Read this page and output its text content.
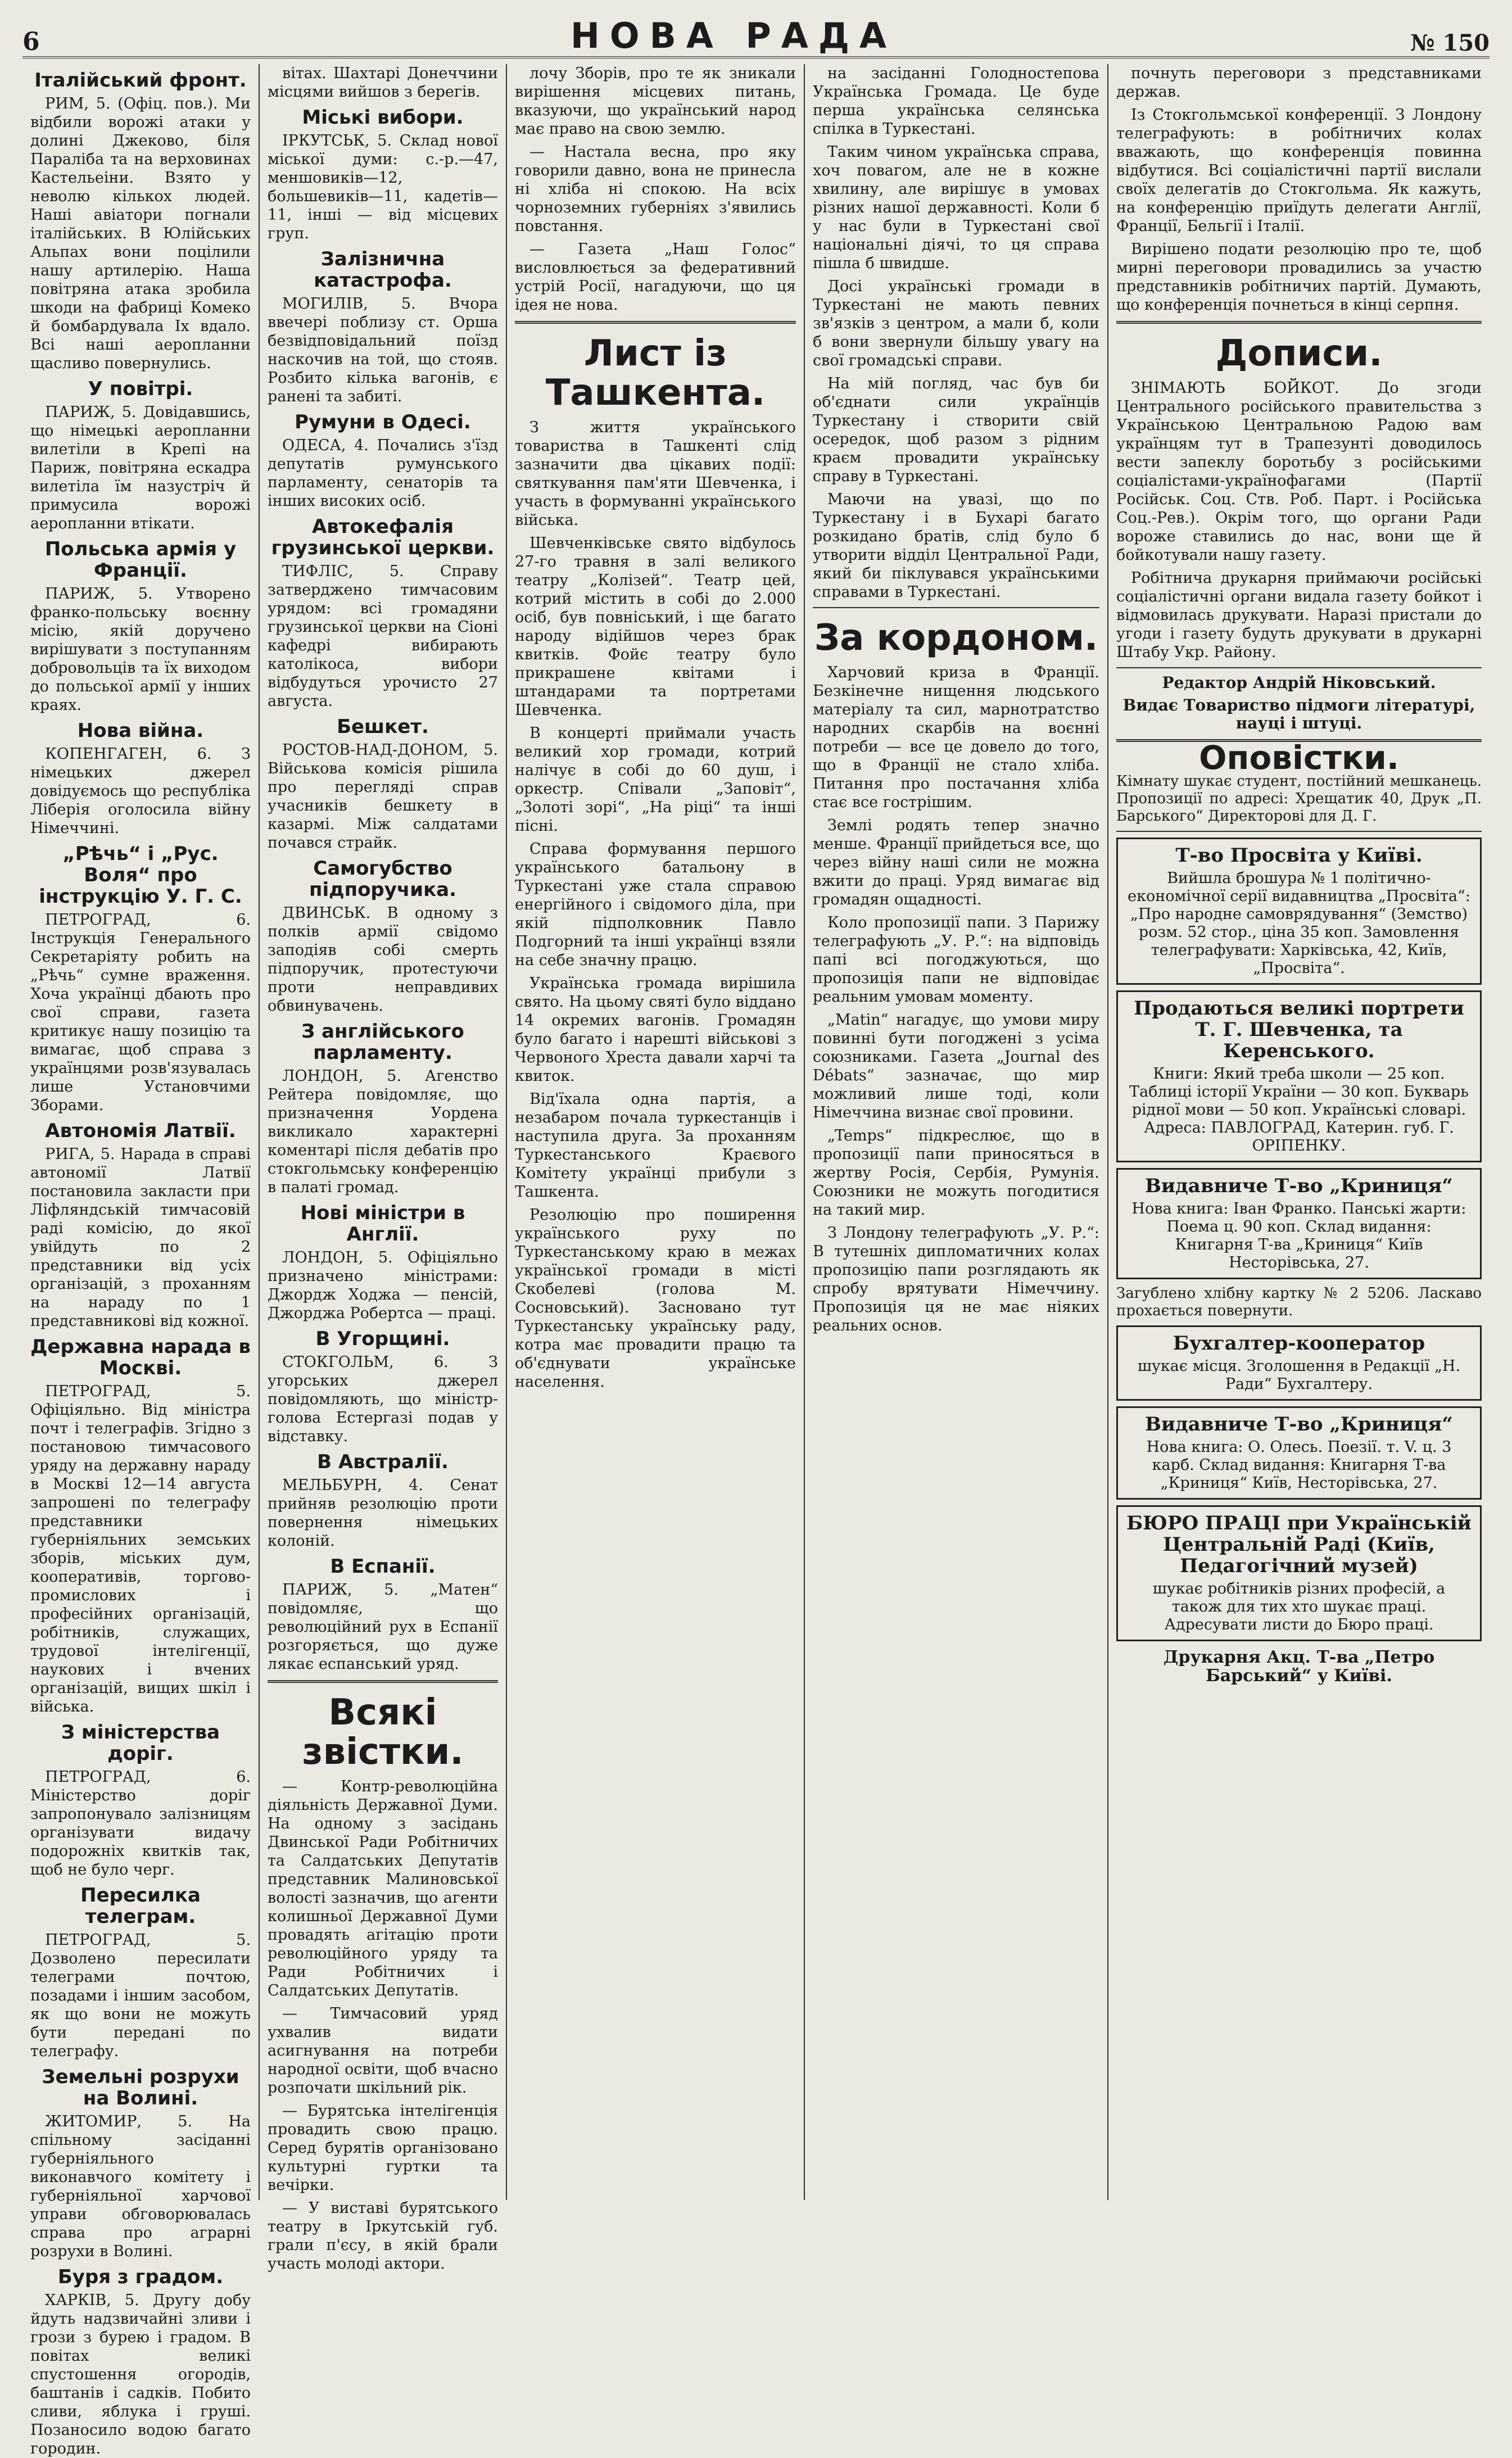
6	НОВА РАДА	№ 150
Італійський фронт.

РИМ, 5. (Офіц. пов.). Ми відбили ворожі атаки у долині Джеково, біля Параліба та на верховинах Кастельеіни. Взято у неволю кількох людей. Наші авіатори погнали італійських. В Юлійських Альпах вони поцілили нашу артилерію. Наша повітряна атака зробила шкоди на фабриці Комеко й бомбардувала Іх вдало. Всі наші аеропланни щасливо повернулись.

У повітрі.

ПАРИЖ, 5. Довідавшись, що німецькі аеропланни вилетіли в Крепі на Париж, повітряна ескадра вилетіла їм назустріч й примусила ворожі аеропланни втікати.

Польська армія у Франції.

ПАРИЖ, 5. Утворено франко-польську воєнну місію, якій доручено вирішувати з поступанням добровольців та їх виходом до польської армії у інших краях.

Нова війна.

КОПЕНГАГЕН, 6. З німецьких джерел довідуємось що республіка Ліберія оголосила війну Німеччині.

„Рѣчь“ і „Рус. Воля“ про інструкцію У. Г. С.

ПЕТРОГРАД, 6. Інструкція Генерального Секретаріяту робить на „Рѣчь“ сумне враження. Хоча українці дбають про свої справи, газета критикує нашу позицію та вимагає, щоб справа з українцями розв'язувалась лише Установчими Зборами.

Автономія Латвії.

РИГА, 5. Нарада в справі автономії Латвії постановила закласти при Ліфляндській тимчасовій раді комісію, до якої увійдуть по 2 представники від усіх організацій, з проханням на нараду по 1 представникові від кожної.

Державна нарада в Москві.

ПЕТРОГРАД, 5. Офіціяльно. Від міністра почт і телеграфів. Згідно з постановою тимчасового уряду на державну нараду в Москві 12—14 августа запрошені по телеграфу представники губерніяльних земських зборів, міських дум, кооперативів, торгово-промислових і професійних організацій, робітників, служащих, трудової інтелігенції, наукових і вчених організацій, вищих шкіл і війська.

З міністерства доріг.

ПЕТРОГРАД, 6. Міністерство доріг запропонувало залізницям організувати видачу подорожніх квитків так, щоб не було черг.

Пересилка телеграм.

ПЕТРОГРАД, 5. Дозволено пересилати телеграми почтою, позадами і іншим засобом, як що вони не можуть бути передані по телеграфу.

Земельні розрухи на Волині.

ЖИТОМИР, 5. На спільному засіданні губерніяльного виконавчого комітету і губерніяльної харчової управи обговорювалась справа про аграрні розрухи в Волині.

Буря з градом.

ХАРКІВ, 5. Другу добу йдуть надзвичайні зливи і грози з бурею і градом. В повітах великі спустошення огородів, баштанів і садків. Побито сливи, яблука і груші. Позаносило водою багато городин.

вітах. Шахтарі Донеччини місцями вийшов з берегів.

Міські вибори.

ІРКУТСЬК, 5. Склад нової міської думи: с.-р.—47, меншовиків—12, большевиків—11, кадетів—11, інші — від місцевих груп.

Залізнична катастрофа.

МОГИЛІВ, 5. Вчора ввечері поблизу ст. Орша безвідповідальний поїзд наскочив на той, що стояв. Розбито кілька вагонів, є ранені та забиті.

Румуни в Одесі.

ОДЕСА, 4. Почались з'їзд депутатів румунського парламенту, сенаторів та інших високих осіб.

Автокефалія грузинської церкви.

ТИФЛІС, 5. Справу затверджено тимчасовим урядом: всі громадяни грузинської церкви на Сіоні кафедрі вибирають католікоса, вибори відбудуться урочисто 27 августа.

Бешкет.

РОСТОВ-НАД-ДОНОМ, 5. Військова комісія рішила про перегляді справ учасників бешкету в казармі. Між салдатами почався страйк.

Самогубство підпоручика.

ДВИНСЬК. В одному з полків армії свідомо заподіяв собі смерть підпоручик, протестуючи проти неправдивих обвинувачень.

З англійського парламенту.

ЛОНДОН, 5. Агенство Рейтера повідомляє, що призначення Уордена викликало характерні коментарі після дебатів про стокгольмську конференцію в палаті громад.

Нові міністри в Англії.

ЛОНДОН, 5. Офіціяльно призначено міністрами: Джордж Ходжа — пенсій, Джорджа Робертса — праці.

В Угорщині.

СТОКГОЛЬМ, 6. З угорських джерел повідомляють, що міністр-голова Естергазі подав у відставку.

В Австралії.

МЕЛЬБУРН, 4. Сенат прийняв резолюцію проти повернення німецьких колоній.

В Еспанії.

ПАРИЖ, 5. „Матен“ повідомляє, що революційний рух в Еспанії розгоряється, що дуже лякає еспанський уряд.

Всякі звістки.

— Контр-революційна діяльність Державної Думи. На одному з засідань Двинської Ради Робітничих та Салдатських Депутатів представник Малиновської волості зазначив, що агенти колишньої Державної Думи провадять агітацію проти революційного уряду та Ради Робітничих і Салдатських Депутатів.

— Тимчасовий уряд ухвалив видати асигнування на потреби народної освіти, щоб вчасно розпочати шкільний рік.

— Бурятська інтелігенція провадить свою працю. Серед бурятів організовано культурні гуртки та вечірки.

— У виставі бурятського театру в Іркутській губ. грали п'єсу, в якій брали участь молоді актори.

лочу Зборів, про те як зникали вирішення місцевих питань, вказуючи, що український народ має право на свою землю.

— Настала весна, про яку говорили давно, вона не принесла ні хліба ні спокою. На всіх чорноземних губерніях з'явились повстання.

— Газета „Наш Голос“ висловлюється за федеративний устрій Росії, нагадуючи, що ця ідея не нова.

Лист із Ташкента.

З життя українського товариства в Ташкенті слід зазначити два цікавих події: святкування пам'яти Шевченка, і участь в формуванні українського війська.

Шевченківське свято відбулось 27-го травня в залі великого театру „Колізей“. Театр цей, котрий містить в собі до 2.000 осіб, був повніський, і ще багато народу відійшов через брак квитків. Фойє театру було прикрашене квітами і штандарами та портретами Шевченка.

В концерті приймали участь великий хор громади, котрий налічує в собі до 60 душ, і оркестр. Співали „Заповіт“, „Золоті зорі“, „На ріці“ та інші пісні.

Справа формування першого українського батальону в Туркестані уже стала справою енергійного і свідомого діла, при якій підполковник Павло Подгорний та інші українці взяли на себе значну працю.

Українська громада вирішила свято. На цьому святі було віддано 14 окремих вагонів. Громадян було багато і нарешті військові з Червоного Хреста давали харчі та квиток.

Від'їхала одна партія, а незабаром почала туркестанців і наступила друга. За проханням Туркестанського Краєвого Комітету українці прибули з Ташкента.

Резолюцію про поширення українського руху по Туркестанському краю в межах української громади в місті Скобелеві (голова М. Сосновський). Засновано тут Туркестанську українську раду, котра має провадити працю та об'єднувати українське населення.

на засіданні Голодностепова Українська Громада. Це буде перша українська селянська спілка в Туркестані.

Таким чином українська справа, хоч повагом, але не в кожне хвилину, але вирішує в умовах різних нашої державності. Коли б у нас були в Туркестані свої національні діячі, то ця справа пішла б швидше.

Досі українські громади в Туркестані не мають певних зв'язків з центром, а мали б, коли б вони звернули більшу увагу на свої громадські справи.

На мій погляд, час був би об'єднати сили українців Туркестану і створити свій осередок, щоб разом з рідним краєм провадити українську справу в Туркестані.

Маючи на увазі, що по Туркестану і в Бухарі багато розкидано братів, слід було б утворити відділ Центральної Ради, який би піклувався українськими справами в Туркестані.

За кордоном.

Харчовий криза в Франції. Безкінечне нищення людського матеріалу та сил, марнотратство народних скарбів на воєнні потреби — все це довело до того, що в Франції не стало хліба. Питання про постачання хліба стає все гострішим.

Землі родять тепер значно менше. Франції прийдеться все, що через війну наші сили не можна вжити до праці. Уряд вимагає від громадян ощадності.

Коло пропозиції папи. З Парижу телеграфують „У. Р.“: на відповідь папі всі погоджуються, що пропозиція папи не відповідає реальним умовам моменту.

„Matin“ нагадує, що умови миру повинні бути погоджені з усіма союзниками. Газета „Journal des Débats“ зазначає, що мир можливий лише тоді, коли Німеччина визнає свої провини.

„Temps“ підкреслює, що в пропозиції папи приносяться в жертву Росія, Сербія, Румунія. Союзники не можуть погодитися на такий мир.

З Лондону телеграфують „У. Р.“: В тутешніх дипломатичних колах пропозицію папи розглядають як спробу врятувати Німеччину. Пропозиція ця не має ніяких реальних основ.

почнуть переговори з представниками держав.

Із Стокгольмської конференції. З Лондону телеграфують: в робітничих колах вважають, що конференція повинна відбутися. Всі соціалістичні партії вислали своїх делегатів до Стокгольма. Як кажуть, на конференцію приїдуть делегати Англії, Франції, Бельгії і Італії.

Вирішено подати резолюцію про те, щоб мирні переговори провадились за участю представників робітничих партій. Думають, що конференція почнеться в кінці серпня.

Дописи.

ЗНІМАЮТЬ БОЙКОТ. До згоди Центрального російського правительства з Українською Центральною Радою вам українцям тут в Трапезунті доводилось вести запеклу боротьбу з російськими соціалістами-українофагами (Партії Російськ. Соц. Ств. Роб. Парт. і Російська Соц.-Рев.). Окрім того, що органи Ради вороже ставились до нас, вони ще й бойкотували нашу газету.

Робітнича друкарня приймаючи російські соціалістичні органи видала газету бойкот і відмовилась друкувати. Наразі пристали до угоди і газету будуть друкувати в друкарні Штабу Укр. Району.

Редактор Андрій Ніковський.
Видає Товариство підмоги літературі, науці і штуці.
Оповістки.
Кімнату шукає студент, постійний мешканець. Пропозиції по адресі: Хрещатик 40, Друк „П. Барського“ Директорові для Д. Г.
Т-во Просвіта у Київі.
Вийшла брошура № 1 політично-економічної серії видавництва „Просвіта“: „Про народне самоврядування“ (Земство) розм. 52 стор., ціна 35 коп. Замовлення телеграфувати: Харківська, 42, Київ, „Просвіта“.
Продаються великі портрети Т. Г. Шевченка, та Керенського.
Книги: Який треба школи — 25 коп. Таблиці історії України — 30 коп. Букварь рідної мови — 50 коп. Українські словарі. Адреса: ПАВЛОГРАД, Катерин. губ. Г. ОРІПЕНКУ.
Видавниче Т-во „Криниця“
Нова книга: Іван Франко. Панські жарти: Поема ц. 90 коп. Склад видання: Книгарня Т-ва „Криниця“ Київ Несторівська, 27.
Загублено хлібну картку № 2 5206. Ласкаво прохається повернути.
Бухгалтер-кооператор
шукає місця. Зголошення в Редакції „Н. Ради“ Бухгалтеру.
Видавниче Т-во „Криниця“
Нова книга: О. Олесь. Поезії. т. V. ц. 3 карб. Склад видання: Книгарня Т-ва „Криниця“ Київ, Несторівська, 27.
БЮРО ПРАЦІ при Українській Центральній Раді (Київ, Педагогічний музей)
шукає робітників різних професій, а також для тих хто шукає праці. Адресувати листи до Бюро праці.
Друкарня Акц. Т-ва „Петро Барський“ у Київі.
